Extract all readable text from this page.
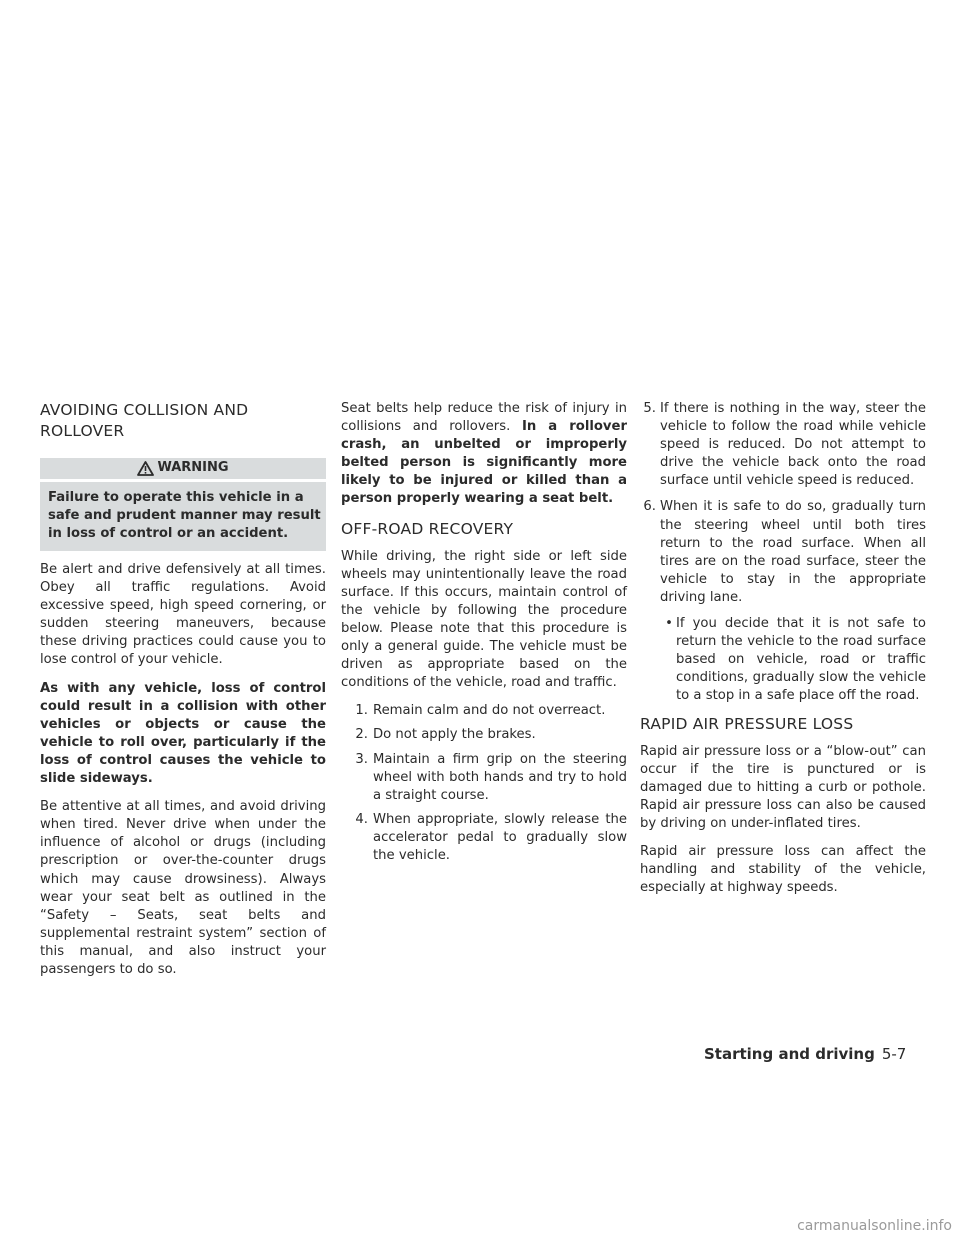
AVOIDING COLLISION AND ROLLOVER
WARNING
Failure to operate this vehicle in a safe and prudent manner may result in loss of control or an accident.

Be alert and drive defensively at all times. Obey all traffic regulations. Avoid excessive speed, high speed cornering, or sudden steering maneuvers, because these driving practices could cause you to lose control of your vehicle.

As with any vehicle, loss of control could result in a collision with other vehicles or objects or cause the vehicle to roll over, particularly if the loss of control causes the vehicle to slide sideways.

Be attentive at all times, and avoid driving when tired. Never drive when under the influence of alcohol or drugs (including prescription or over-the-counter drugs which may cause drowsiness). Always wear your seat belt as outlined in the “Safety – Seats, seat belts and supplemental restraint system” section of this manual, and also instruct your passengers to do so.

Seat belts help reduce the risk of injury in collisions and rollovers. In a rollover crash, an unbelted or improperly belted person is significantly more likely to be injured or killed than a person properly wearing a seat belt.

OFF-ROAD RECOVERY

While driving, the right side or left side wheels may unintentionally leave the road surface. If this occurs, maintain control of the vehicle by following the procedure below. Please note that this procedure is only a general guide. The vehicle must be driven as appropriate based on the conditions of the vehicle, road and traffic.

1. Remain calm and do not overreact.
2. Do not apply the brakes.
3. Maintain a firm grip on the steering wheel with both hands and try to hold a straight course.
4. When appropriate, slowly release the accelerator pedal to gradually slow the vehicle.
5. If there is nothing in the way, steer the vehicle to follow the road while vehicle speed is reduced. Do not attempt to drive the vehicle back onto the road surface until vehicle speed is reduced.
6. When it is safe to do so, gradually turn the steering wheel until both tires return to the road surface. When all tires are on the road surface, steer the vehicle to stay in the appropriate driving lane.
• If you decide that it is not safe to return the vehicle to the road surface based on vehicle, road or traffic conditions, gradually slow the vehicle to a stop in a safe place off the road.
RAPID AIR PRESSURE LOSS

Rapid air pressure loss or a “blow-out” can occur if the tire is punctured or is damaged due to hitting a curb or pothole. Rapid air pressure loss can also be caused by driving on under-inflated tires.

Rapid air pressure loss can affect the handling and stability of the vehicle, especially at highway speeds.

Starting and driving 5-7
carmanualsonline.info
